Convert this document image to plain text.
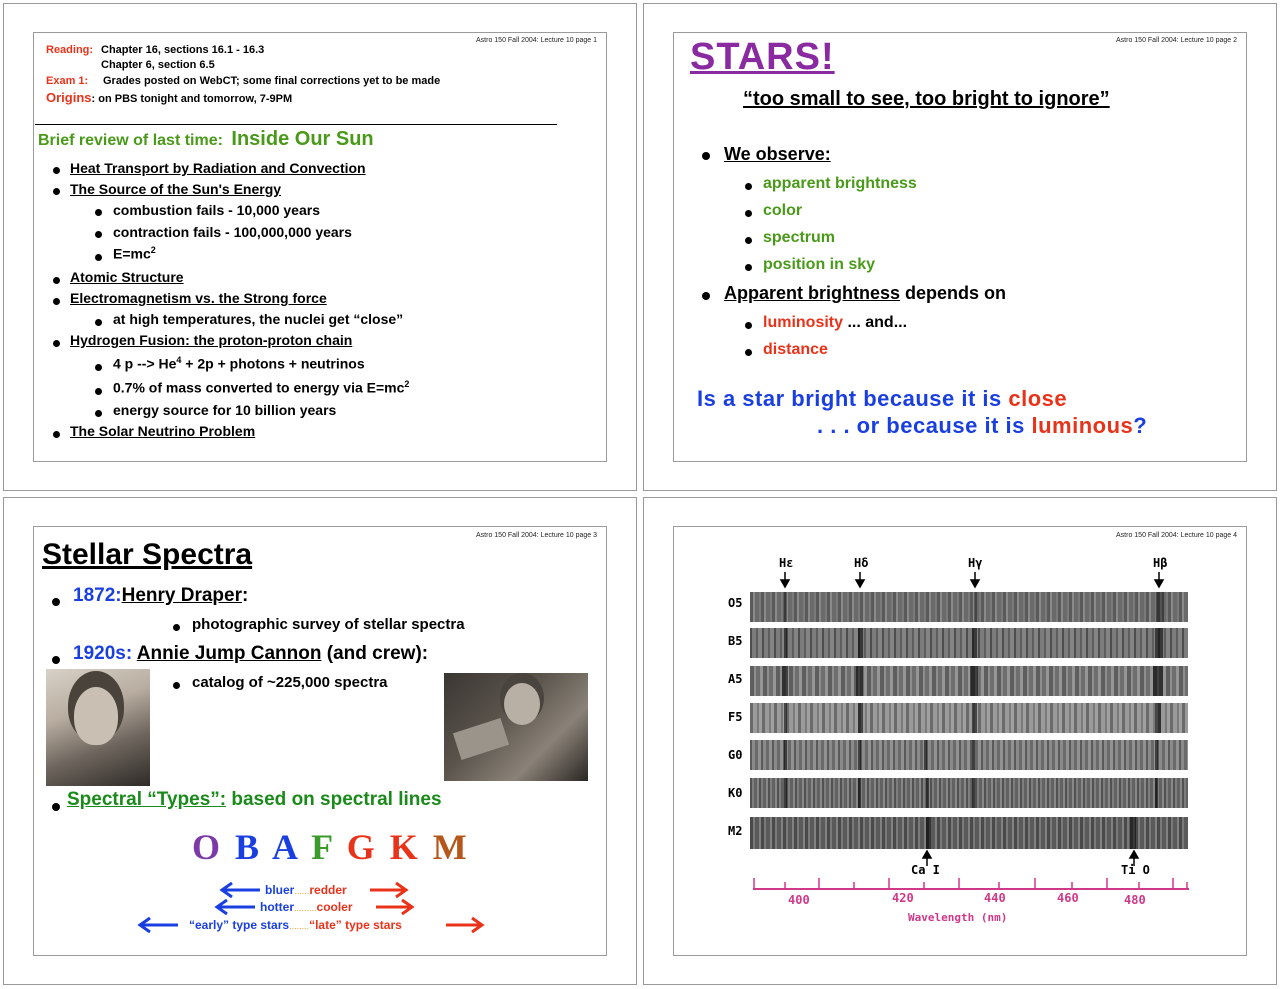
Astro 150 Fall 2004: Lecture 10 page 1
Reading: Chapter 16, sections 16.1 - 16.3
Chapter 6, section 6.5
Exam 1: Grades posted on WebCT; some final corrections yet to be made
Origins: on PBS tonight and tomorrow, 7-9PM
Brief review of last time: Inside Our Sun
Heat Transport by Radiation and Convection
The Source of the Sun's Energy
combustion fails - 10,000 years
contraction fails - 100,000,000 years
$E=mc^2$
Atomic Structure
Electromagnetism vs. the Strong force
at high temperatures, the nuclei get “close”
Hydrogen Fusion: the proton-proton chain
4 p --> $He^4 + 2p$ + photons + neutrinos
0.7% of mass converted to energy via $E=mc^2$
energy source for 10 billion years
The Solar Neutrino Problem
Astro 150 Fall 2004: Lecture 10 page 2
STARS!
“too small to see, too bright to ignore”
We observe:
apparent brightness
color
spectrum
position in sky
Apparent brightness depends on
luminosity ... and...
distance
Is a star bright because it is close
. . . or because it is luminous?
Astro 150 Fall 2004: Lecture 10 page 3
Stellar Spectra
1872:Henry Draper:
photographic survey of stellar spectra
1920s: Annie Jump Cannon (and crew):
catalog of ~225,000 spectra
Spectral “Types”: based on spectral lines
O B A F G K M
bluer......redder
hotter.........cooler
“early” type stars........“late” type stars
Astro 150 Fall 2004: Lecture 10 page 4
Hε	Hδ	Hγ	Hβ
O5
B5
A5
F5
G0
K0
M2
Ca I	Ti O
400	420	440	460	480
Wavelength (nm)
